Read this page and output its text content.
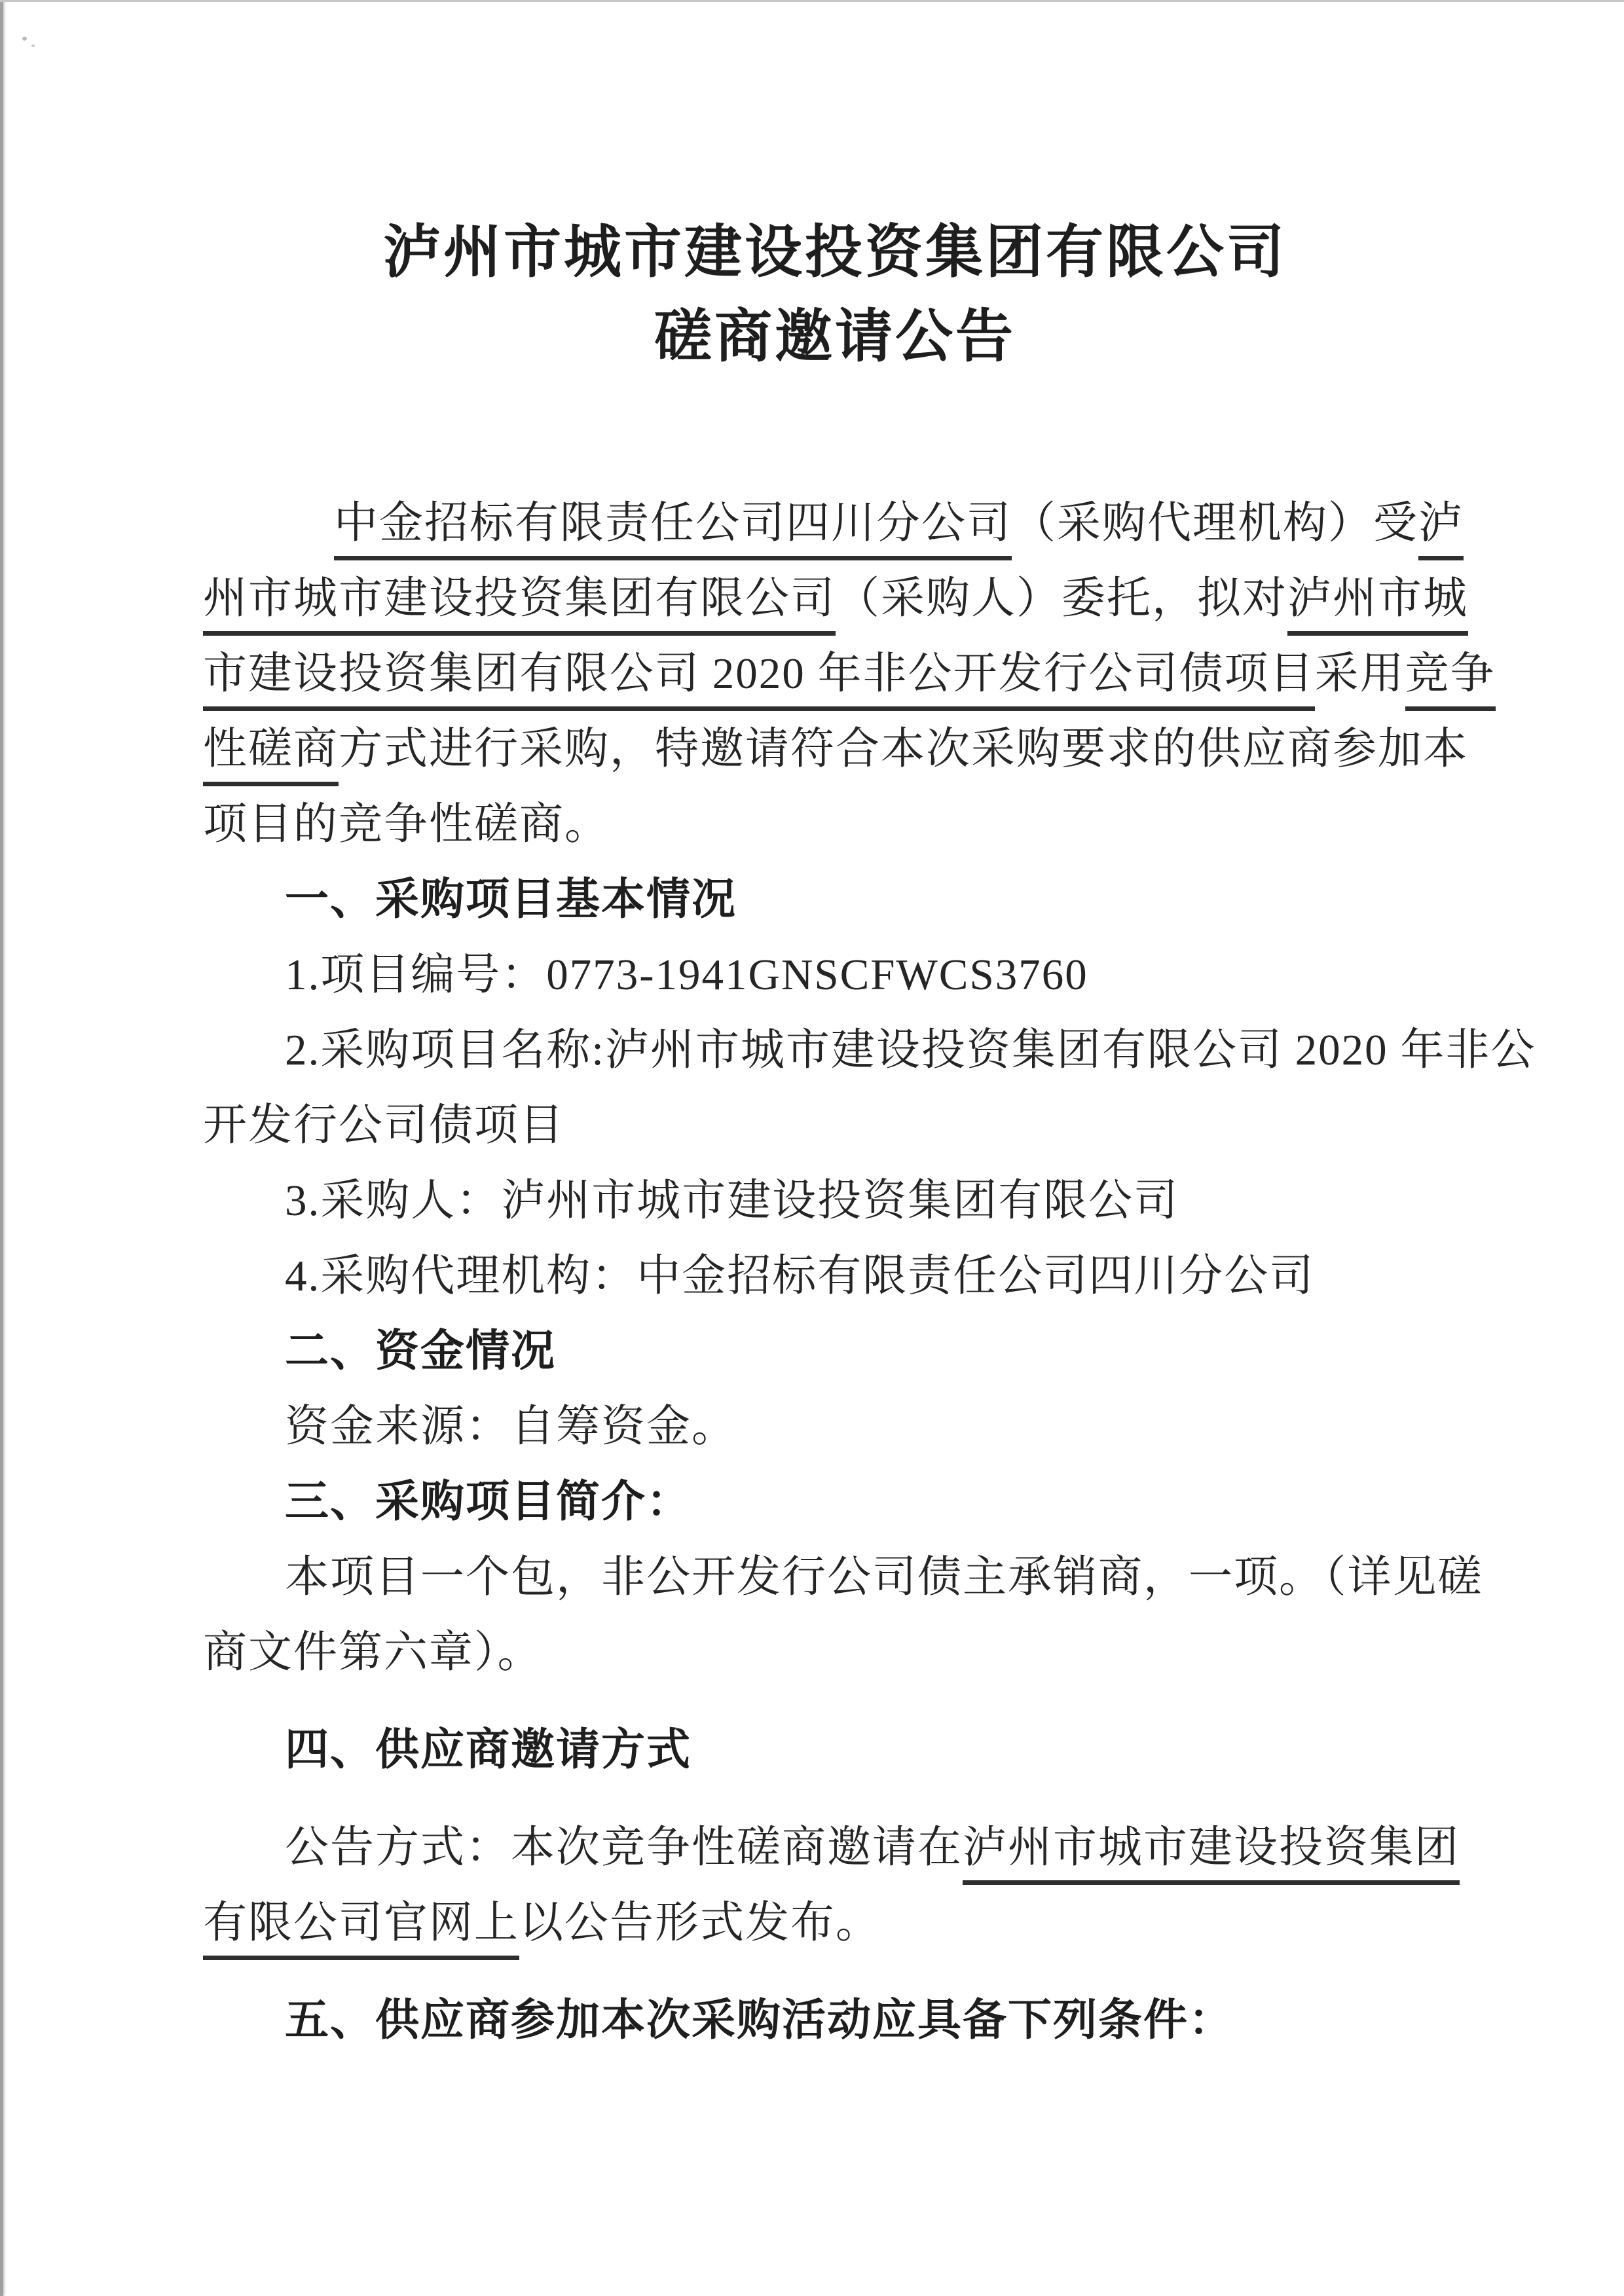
泸州市城市建设投资集团有限公司
磋商邀请公告
中金招标有限责任公司四川分公司（采购代理机构）受泸
州市城市建设投资集团有限公司（采购人）委托，拟对泸州市城
市建设投资集团有限公司 2020 年非公开发行公司债项目采用竞争
性磋商方式进行采购，特邀请符合本次采购要求的供应商参加本
项目的竞争性磋商。
一、采购项目基本情况
1.项目编号：0773-1941GNSCFWCS3760
2.采购项目名称:泸州市城市建设投资集团有限公司 2020 年非公
开发行公司债项目
3.采购人：泸州市城市建设投资集团有限公司
4.采购代理机构：中金招标有限责任公司四川分公司
二、资金情况
资金来源：自筹资金。
三、采购项目简介：
本项目一个包，非公开发行公司债主承销商，一项。（详见磋
商文件第六章）。
四、供应商邀请方式
公告方式：本次竞争性磋商邀请在泸州市城市建设投资集团
有限公司官网上以公告形式发布。
五、供应商参加本次采购活动应具备下列条件：
